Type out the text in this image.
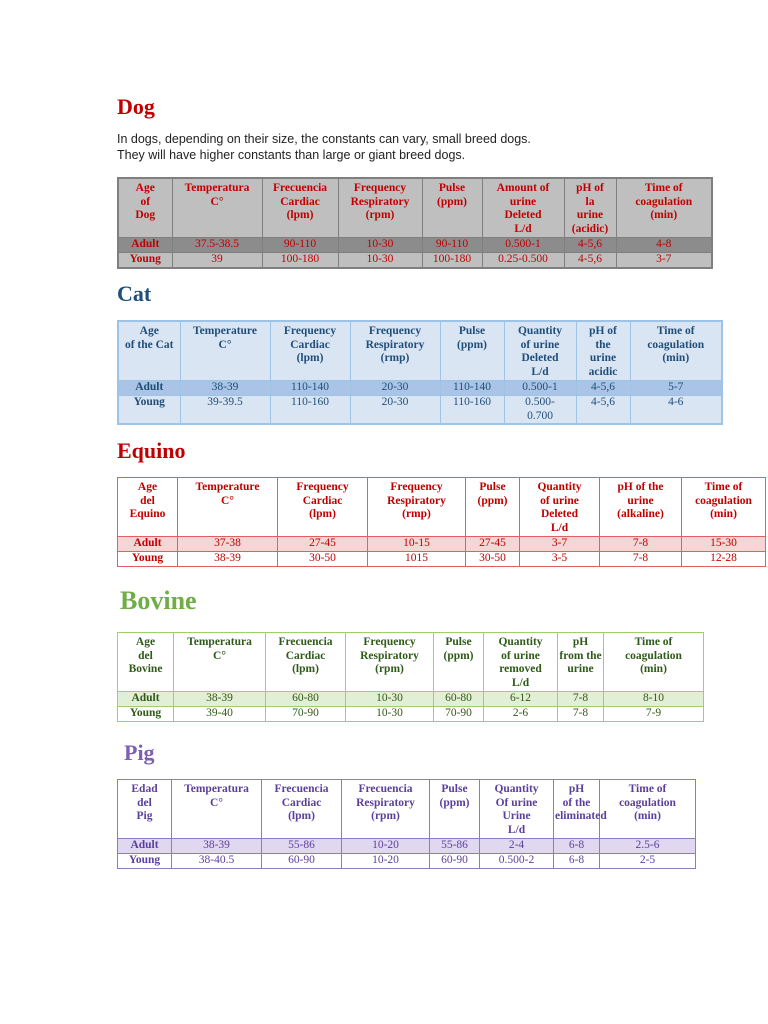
Dog

In dogs, depending on their size, the constants can vary, small breed dogs.

They will have higher constants than large or giant breed dogs.

Age
of
Dog	Temperatura
C°	Frecuencia
Cardiac
(lpm)	Frequency
Respiratory
(rpm)	Pulse
(ppm)	Amount of
urine
Deleted
L/d	pH of
la
urine
(acidic)	Time of
coagulation
(min)
Adult	37.5-38.5	90-110	10-30	90-110	0.500-1	4-5,6	4-8
Young	39	100-180	10-30	100-180	0.25-0.500	4-5,6	3-7
Cat
Age
of the Cat	Temperature
C°	Frequency
Cardiac
(lpm)	Frequency
Respiratory
(rmp)	Pulse
(ppm)	Quantity
of urine
Deleted
L/d	pH of
the
urine
acidic	Time of
coagulation
(min)
Adult	38-39	110-140	20-30	110-140	0.500-1	4-5,6	5-7
Young	39-39.5	110-160	20-30	110-160	0.500-
0.700	4-5,6	4-6
Equino
Age
del
Equino	Temperature
C°	Frequency
Cardiac
(lpm)	Frequency
Respiratory
(rmp)	Pulse
(ppm)	Quantity
of urine
Deleted
L/d	pH of the
urine
(alkaline)	Time of
coagulation
(min)
Adult	37-38	27-45	10-15	27-45	3-7	7-8	15-30
Young	38-39	30-50	1015	30-50	3-5	7-8	12-28
Bovine
Age
del
Bovine	Temperatura
C°	Frecuencia
Cardiac
(lpm)	Frequency
Respiratory
(rpm)	Pulse
(ppm)	Quantity
of urine
removed
L/d	pH
from the
urine	Time of
coagulation
(min)
Adult	38-39	60-80	10-30	60-80	6-12	7-8	8-10
Young	39-40	70-90	10-30	70-90	2-6	7-8	7-9
Pig
Edad
del
Pig	Temperatura
C°	Frecuencia
Cardiac
(lpm)	Frecuencia
Respiratory
(rpm)	Pulse
(ppm)	Quantity
Of urine
Urine
L/d	pH
of the
eliminated	Time of
coagulation
(min)
Adult	38-39	55-86	10-20	55-86	2-4	6-8	2.5-6
Young	38-40.5	60-90	10-20	60-90	0.500-2	6-8	2-5
